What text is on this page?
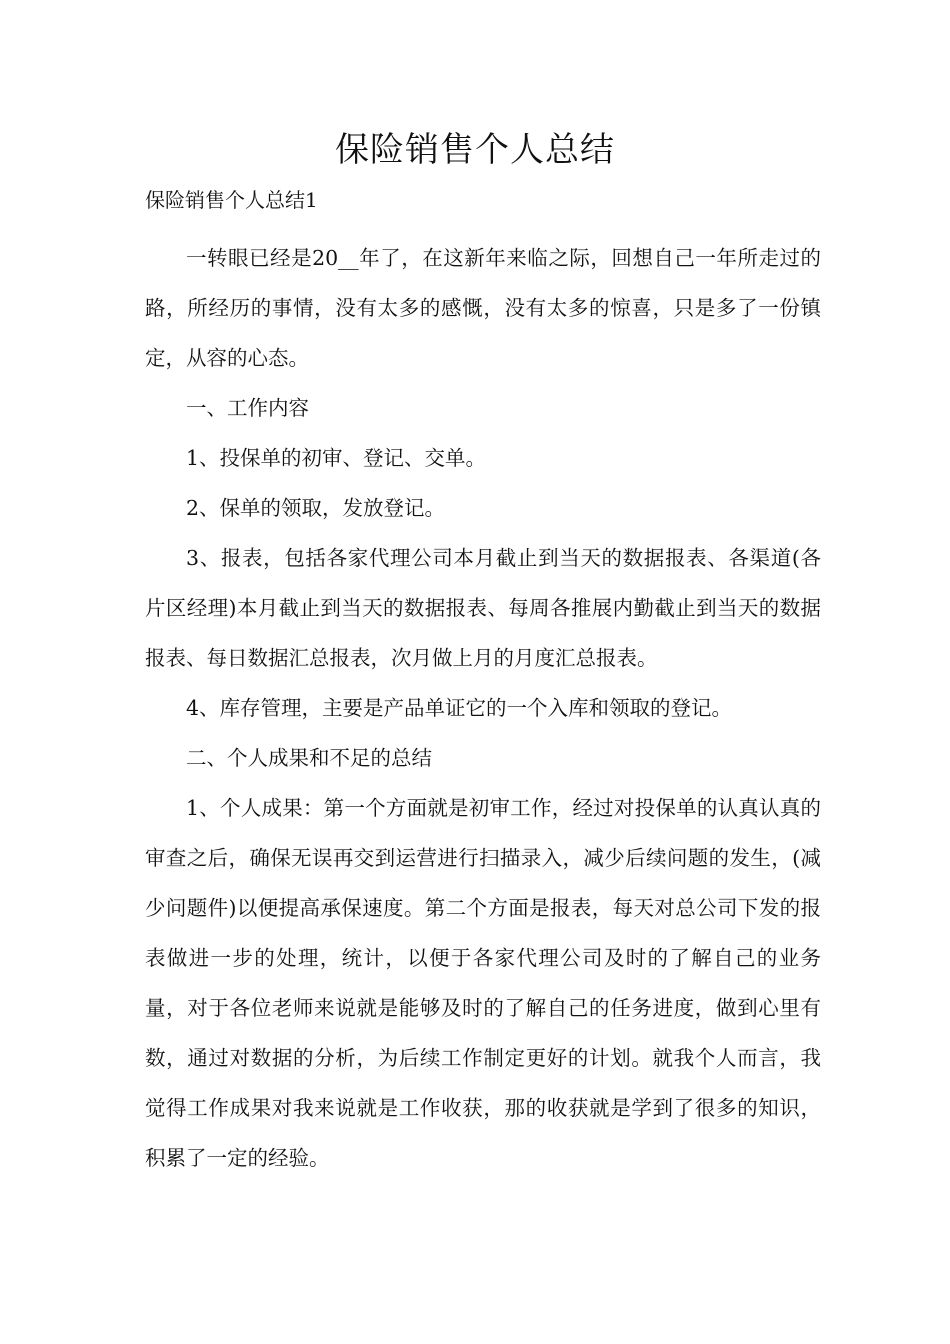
保险销售个人总结
保险销售个人总结1

一转眼已经是20__年了，在这新年来临之际，回想自己一年所走过的路，所经历的事情，没有太多的感慨，没有太多的惊喜，只是多了一份镇定，从容的心态。

一、工作内容

1、投保单的初审、登记、交单。

2、保单的领取，发放登记。

3、报表，包括各家代理公司本月截止到当天的数据报表、各渠道(各片区经理)本月截止到当天的数据报表、每周各推展内勤截止到当天的数据报表、每日数据汇总报表，次月做上月的月度汇总报表。

4、库存管理，主要是产品单证它的一个入库和领取的登记。

二、个人成果和不足的总结

1、个人成果：第一个方面就是初审工作，经过对投保单的认真认真的审查之后，确保无误再交到运营进行扫描录入，减少后续问题的发生，(减少问题件)以便提高承保速度。第二个方面是报表，每天对总公司下发的报表做进一步的处理，统计，以便于各家代理公司及时的了解自己的业务量，对于各位老师来说就是能够及时的了解自己的任务进度，做到心里有数，通过对数据的分析，为后续工作制定更好的计划。就我个人而言，我觉得工作成果对我来说就是工作收获，那的收获就是学到了很多的知识，积累了一定的经验。
